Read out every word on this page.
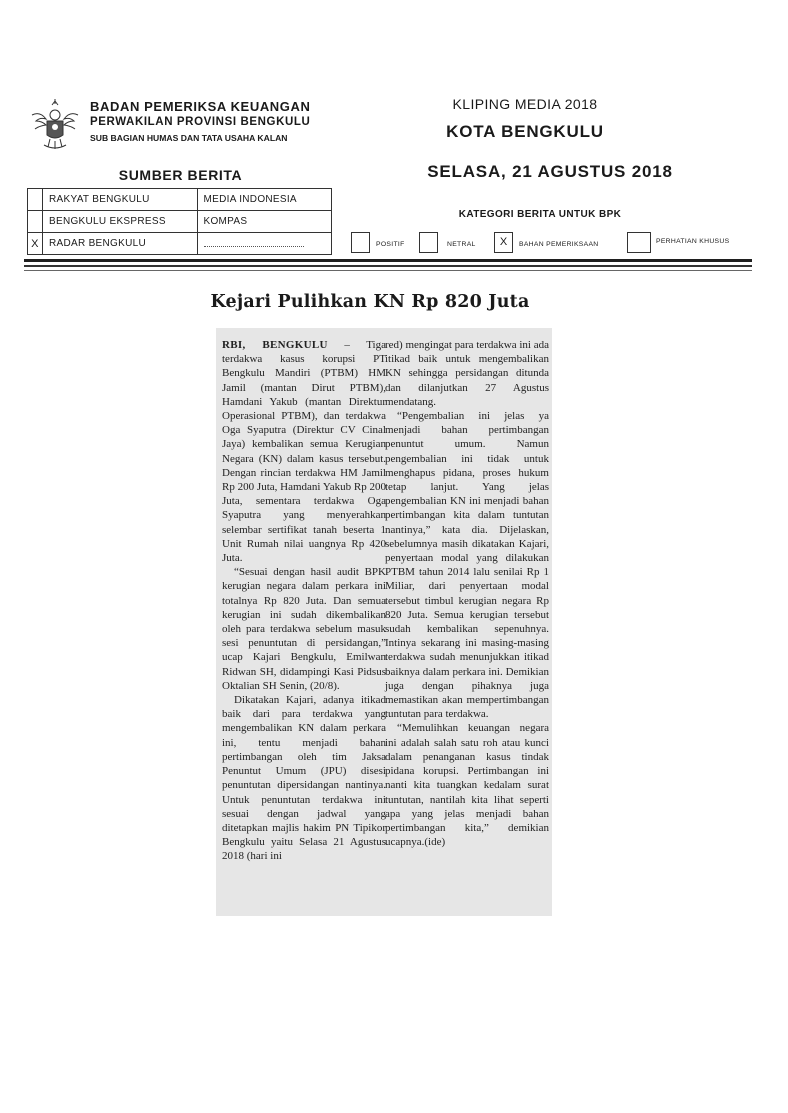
BADAN PEMERIKSA KEUANGAN
PERWAKILAN PROVINSI BENGKULU
SUB BAGIAN HUMAS DAN TATA USAHA KALAN
KLIPING MEDIA 2018
KOTA BENGKULU
SELASA, 21 AGUSTUS 2018
SUMBER BERITA
	RAKYAT BENGKULU	MEDIA INDONESIA
	BENGKULU EKSPRESS	KOMPAS
X	RADAR BENGKULU	
KATEGORI BERITA UNTUK BPK
POSITIF	NETRAL	X	BAHAN PEMERIKSAAN	PERHATIAN KHUSUS
Kejari Pulihkan KN Rp 820 Juta

RBI, BENGKULU – Tiga terdakwa kasus korupsi PT Bengkulu Mandiri (PTBM) HM Jamil (mantan Dirut PTBM), Hamdani Yakub (mantan Direktur Operasional PTBM), dan terdakwa Oga Syaputra (Direktur CV Cinal Jaya) kembalikan semua Kerugian Negara (KN) dalam kasus tersebut. Dengan rincian terdakwa HM Jamil Rp 200 Juta, Hamdani Yakub Rp 200 Juta, sementara terdakwa Oga Syaputra yang menyerahkan selembar sertifikat tanah beserta 1 Unit Rumah nilai uangnya Rp 420 Juta.

“Sesuai dengan hasil audit BPK kerugian negara dalam perkara ini totalnya Rp 820 Juta. Dan semua kerugian ini sudah dikembalikan oleh para terdakwa sebelum masuk sesi penuntutan di persidangan,” ucap Kajari Bengkulu, Emilwan Ridwan SH, didampingi Kasi Pidsus Oktalian SH Senin, (20/8).

Dikatakan Kajari, adanya itikad baik dari para terdakwa yang mengembalikan KN dalam perkara ini, tentu menjadi bahan pertimbangan oleh tim Jaksa Penuntut Umum (JPU) disesi penuntutan dipersidangan nantinya. Untuk penuntutan terdakwa ini sesuai dengan jadwal yang ditetapkan majlis hakim PN Tipikor Bengkulu yaitu Selasa 21 Agustus 2018 (hari ini

red) mengingat para terdakwa ini ada itikad baik untuk mengembalikan KN sehingga persidangan ditunda dan dilanjutkan 27 Agustus mendatang.

“Pengembalian ini jelas ya menjadi bahan pertimbangan penuntut umum. Namun pengembalian ini tidak untuk menghapus pidana, proses hukum tetap lanjut. Yang jelas pengembalian KN ini menjadi bahan pertimbangan kita dalam tuntutan nantinya,” kata dia. Dijelaskan, sebelumnya masih dikatakan Kajari, penyertaan modal yang dilakukan PTBM tahun 2014 lalu senilai Rp 1 Miliar, dari penyertaan modal tersebut timbul kerugian negara Rp 820 Juta. Semua kerugian tersebut sudah kembalikan sepenuhnya. Intinya sekarang ini masing-masing terdakwa sudah menunjukkan itikad baiknya dalam perkara ini. Demikian juga dengan pihaknya juga memastikan akan mempertimbangan tuntutan para terdakwa.

“Memulihkan keuangan negara ini adalah salah satu roh atau kunci dalam penanganan kasus tindak pidana korupsi. Pertimbangan ini nanti kita tuangkan kedalam surat tuntutan, nantilah kita lihat seperti apa yang jelas menjadi bahan pertimbangan kita,” demikian ucapnya.(ide)
